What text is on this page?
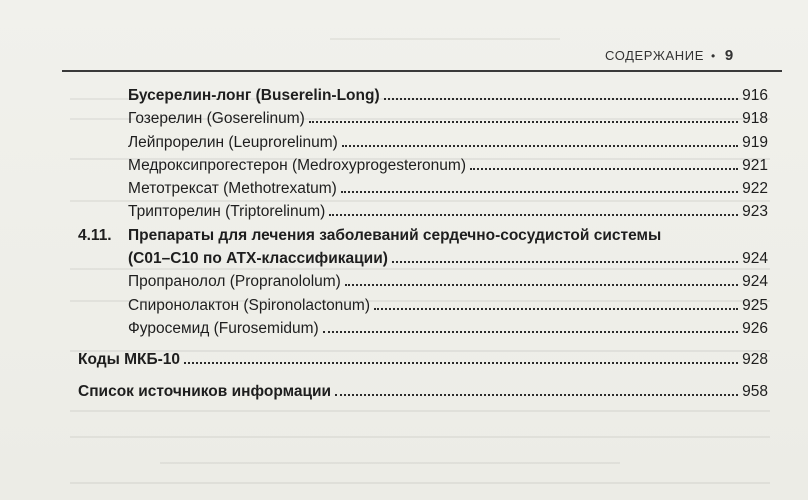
СОДЕРЖАНИЕ • 9
Бусерелин-лонг (Buserelin-Long)	916
Гозерелин (Goserelinum)	918
Лейпрорелин (Leuprorelinum)	919
Медроксипрогестерон (Medroxyprogesteronum)	921
Метотрексат (Methotrexatum)	922
Трипторелин (Triptorelinum)	923
4.11.	Препараты для лечения заболеваний сердечно-сосудистой системы
(С01–С10 по АТХ-классификации)	924
Пропранолол (Propranololum)	924
Спиронолактон (Spironolactonum)	925
Фуросемид (Furosemidum)	926
Коды МКБ-10	928
Список источников информации	958
